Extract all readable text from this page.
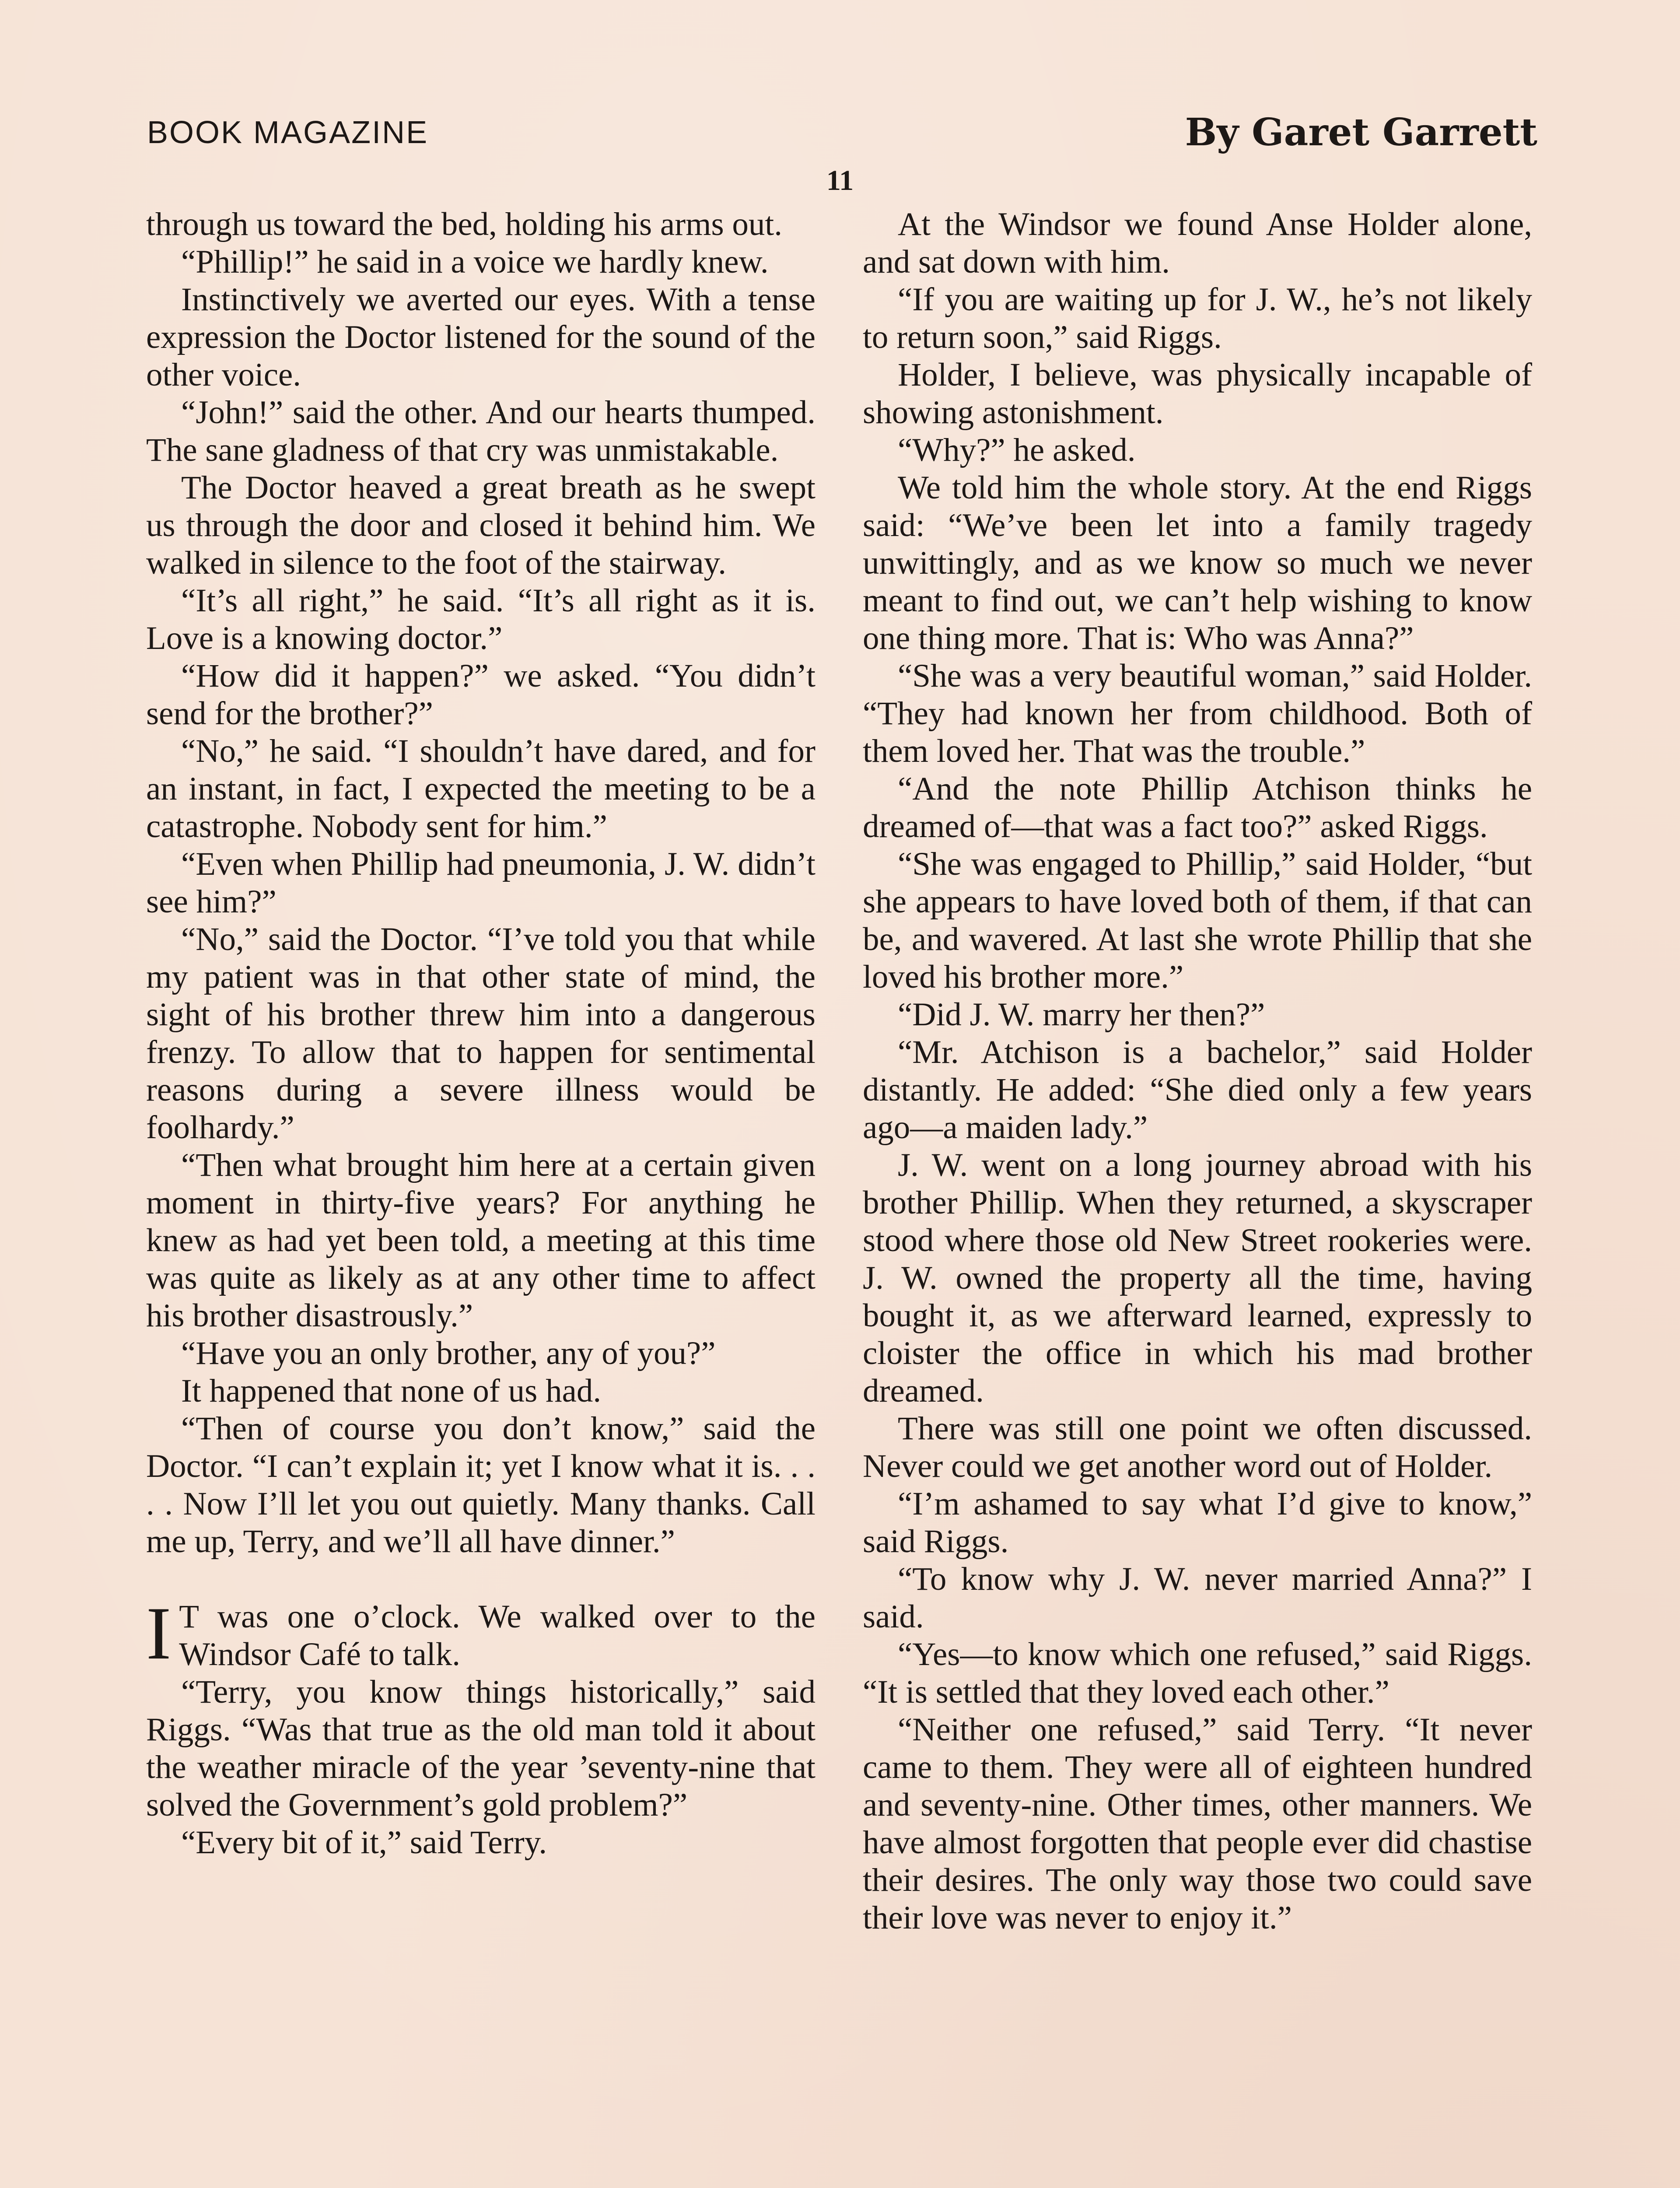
BOOK MAGAZINE	By Garet Garrett
11

through us toward the bed, holding his arms out.

“Phillip!” he said in a voice we hardly knew.

Instinctively we averted our eyes. With a tense expression the Doctor listened for the sound of the other voice.

“John!” said the other. And our hearts thumped. The sane gladness of that cry was unmistakable.

The Doctor heaved a great breath as he swept us through the door and closed it behind him. We walked in silence to the foot of the stairway.

“It’s all right,” he said. “It’s all right as it is. Love is a knowing doctor.”

“How did it happen?” we asked. “You didn’t send for the brother?”

“No,” he said. “I shouldn’t have dared, and for an instant, in fact, I expected the meeting to be a catastrophe. Nobody sent for him.”

“Even when Phillip had pneumonia, J. W. didn’t see him?”

“No,” said the Doctor. “I’ve told you that while my patient was in that other state of mind, the sight of his brother threw him into a dangerous frenzy. To allow that to happen for sentimental reasons during a severe illness would be foolhardy.”

“Then what brought him here at a certain given moment in thirty-five years? For anything he knew as had yet been told, a meeting at this time was quite as likely as at any other time to affect his brother disastrously.”

“Have you an only brother, any of you?”

It happened that none of us had.

“Then of course you don’t know,” said the Doctor. “I can’t explain it; yet I know what it is. . . . . Now I’ll let you out quietly. Many thanks. Call me up, Terry, and we’ll all have dinner.”

I T was one o’clock. We walked over to the Windsor Café to talk.

“Terry, you know things historically,” said Riggs. “Was that true as the old man told it about the weather miracle of the year ’seventy-nine that solved the Government’s gold problem?”

“Every bit of it,” said Terry.

At the Windsor we found Anse Holder alone, and sat down with him.

“If you are waiting up for J. W., he’s not likely to return soon,” said Riggs.

Holder, I believe, was physically incapable of showing astonishment.

“Why?” he asked.

We told him the whole story. At the end Riggs said: “We’ve been let into a family tragedy unwittingly, and as we know so much we never meant to find out, we can’t help wishing to know one thing more. That is: Who was Anna?”

“She was a very beautiful woman,” said Holder. “They had known her from childhood. Both of them loved her. That was the trouble.”

“And the note Phillip Atchison thinks he dreamed of—that was a fact too?” asked Riggs.

“She was engaged to Phillip,” said Holder, “but she appears to have loved both of them, if that can be, and wavered. At last she wrote Phillip that she loved his brother more.”

“Did J. W. marry her then?”

“Mr. Atchison is a bachelor,” said Holder distantly. He added: “She died only a few years ago—a maiden lady.”

J. W. went on a long journey abroad with his brother Phillip. When they returned, a skyscraper stood where those old New Street rookeries were. J. W. owned the property all the time, having bought it, as we afterward learned, expressly to cloister the office in which his mad brother dreamed.

There was still one point we often discussed. Never could we get another word out of Holder.

“I’m ashamed to say what I’d give to know,” said Riggs.

“To know why J. W. never married Anna?” I said.

“Yes—to know which one refused,” said Riggs. “It is settled that they loved each other.”

“Neither one refused,” said Terry. “It never came to them. They were all of eighteen hundred and seventy-nine. Other times, other manners. We have almost forgotten that people ever did chastise their desires. The only way those two could save their love was never to enjoy it.”
